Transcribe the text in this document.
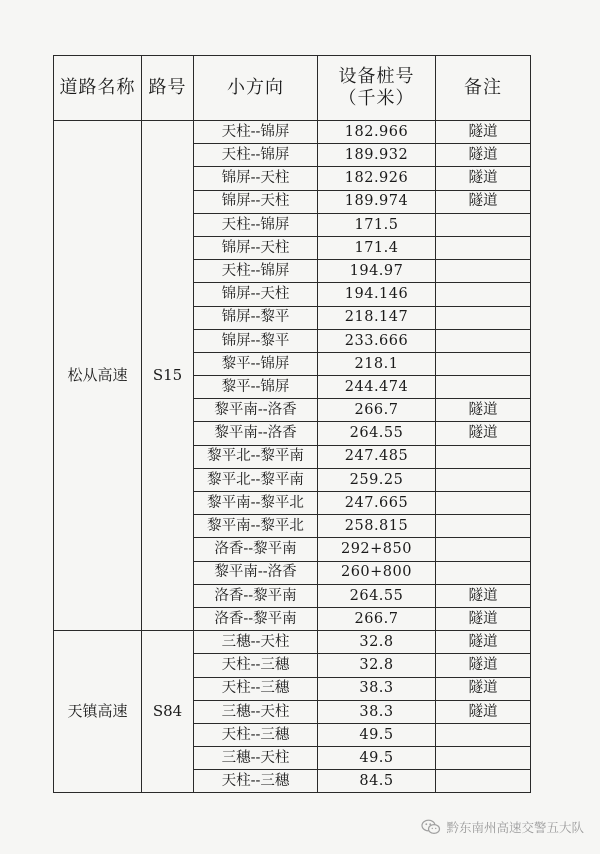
道路名称	路号	小方向	设备桩号
（千米）	备注
松从高速	S15	天柱--锦屏	182.966	隧道
		天柱--锦屏	189.932	隧道
		锦屏--天柱	182.926	隧道
		锦屏--天柱	189.974	隧道
		天柱--锦屏	171.5	
		锦屏--天柱	171.4	
		天柱--锦屏	194.97	
		锦屏--天柱	194.146	
		锦屏--黎平	218.147	
		锦屏--黎平	233.666	
		黎平--锦屏	218.1	
		黎平--锦屏	244.474	
		黎平南--洛香	266.7	隧道
		黎平南--洛香	264.55	隧道
		黎平北--黎平南	247.485	
		黎平北--黎平南	259.25	
		黎平南--黎平北	247.665	
		黎平南--黎平北	258.815	
		洛香--黎平南	292+850	
		黎平南--洛香	260+800	
		洛香--黎平南	264.55	隧道
		洛香--黎平南	266.7	隧道
天镇高速	S84	三穗--天柱	32.8	隧道
		天柱--三穗	32.8	隧道
		天柱--三穗	38.3	隧道
		三穗--天柱	38.3	隧道
		天柱--三穗	49.5	
		三穗--天柱	49.5	
		天柱--三穗	84.5	
黔东南州高速交警五大队
